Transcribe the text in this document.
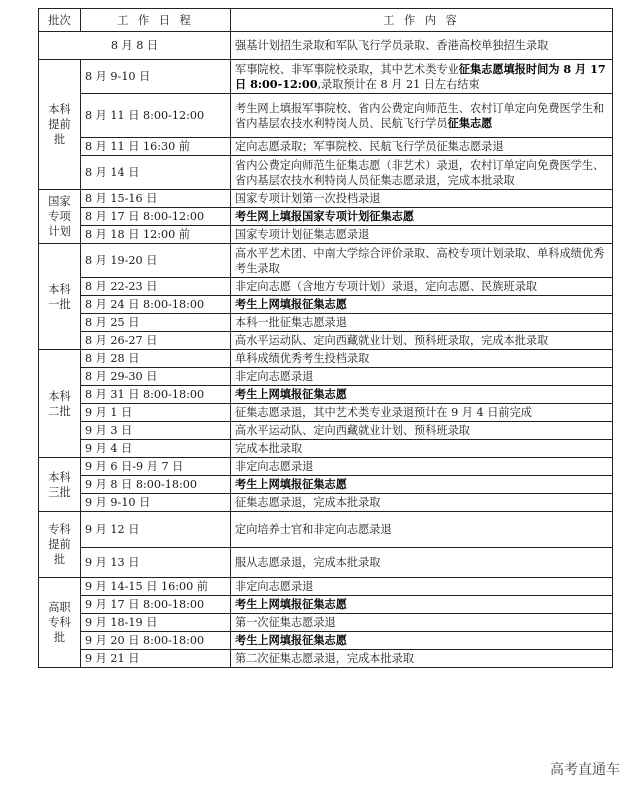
批次	工 作 日 程	工 作 内 容
8 月 8 日		强基计划招生录取和军队飞行学员录取、香港高校单独招生录取
本科提前批	8 月 9-10 日	军事院校、非军事院校录取，其中艺术类专业征集志愿填报时间为 8 月 17 日 8:00-12:00,录取预计在 8 月 21 日左右结束
	8 月 11 日 8:00-12:00	考生网上填报军事院校、省内公费定向师范生、农村订单定向免费医学生和省内基层农技水利特岗人员、民航飞行学员征集志愿
	8 月 11 日 16:30 前	定向志愿录取；军事院校、民航飞行学员征集志愿录退
	8 月 14 日	省内公费定向师范生征集志愿（非艺术）录退，农村订单定向免费医学生、省内基层农技水利特岗人员征集志愿录退，完成本批录取
国家专项计划	8 月 15-16 日	国家专项计划第一次投档录退
	8 月 17 日 8:00-12:00	考生网上填报国家专项计划征集志愿
	8 月 18 日 12:00 前	国家专项计划征集志愿录退
本科一批	8 月 19-20 日	高水平艺术团、中南大学综合评价录取、高校专项计划录取、单科成绩优秀考生录取
	8 月 22-23 日	非定向志愿（含地方专项计划）录退，定向志愿、民族班录取
	8 月 24 日 8:00-18:00	考生上网填报征集志愿
	8 月 25 日	本科一批征集志愿录退
	8 月 26-27 日	高水平运动队、定向西藏就业计划、预科班录取，完成本批录取
本科二批	8 月 28 日	单科成绩优秀考生投档录取
	8 月 29-30 日	非定向志愿录退
	8 月 31 日 8:00-18:00	考生上网填报征集志愿
	9 月 1 日	征集志愿录退，其中艺术类专业录退预计在 9 月 4 日前完成
	9 月 3 日	高水平运动队、定向西藏就业计划、预科班录取
	9 月 4 日	完成本批录取
本科三批	9 月 6 日-9 月 7 日	非定向志愿录退
	9 月 8 日 8:00-18:00	考生上网填报征集志愿
	9 月 9-10 日	征集志愿录退，完成本批录取
专科提前批	9 月 12 日	定向培养士官和非定向志愿录退
	9 月 13 日	服从志愿录退，完成本批录取
高职专科批	9 月 14-15 日 16:00 前	非定向志愿录退
	9 月 17 日 8:00-18:00	考生上网填报征集志愿
	9 月 18-19 日	第一次征集志愿录退
	9 月 20 日 8:00-18:00	考生上网填报征集志愿
	9 月 21 日	第二次征集志愿录退，完成本批录取
高考直通车
